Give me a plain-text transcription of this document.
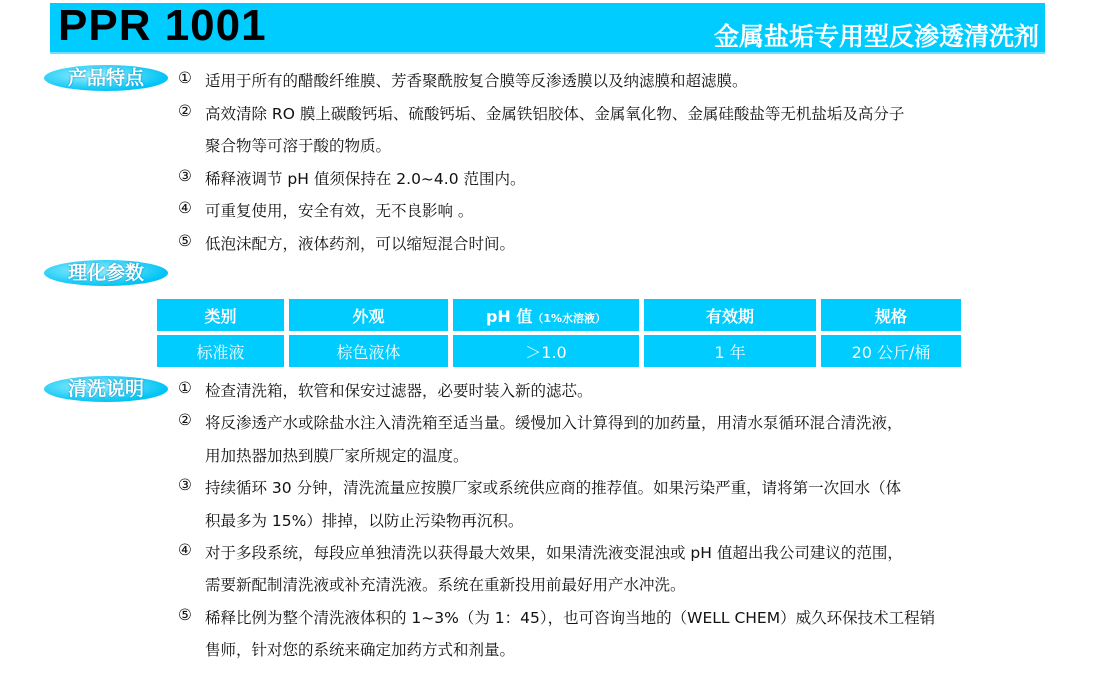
PPR 1001	金属盐垢专用型反渗透清洗剂
产品特点	① 适用于所有的醋酸纤维膜、芳香聚酰胺复合膜等反渗透膜以及纳滤膜和超滤膜。
② 高效清除 RO 膜上碳酸钙垢、硫酸钙垢、金属铁铝胶体、金属氧化物、金属硅酸盐等无机盐垢及高分子
聚合物等可溶于酸的物质。
③ 稀释液调节 pH 值须保持在 2.0~4.0 范围内。
④ 可重复使用，安全有效，无不良影响 。
⑤ 低泡沫配方，液体药剂，可以缩短混合时间。
理化参数
类别	外观	pH 值（1%水溶液）	有效期	规格
标准液	棕色液体	＞1.0	1 年	20 公斤/桶
清洗说明	① 检查清洗箱，软管和保安过滤器，必要时装入新的滤芯。
② 将反渗透产水或除盐水注入清洗箱至适当量。缓慢加入计算得到的加药量，用清水泵循环混合清洗液，
用加热器加热到膜厂家所规定的温度。
③ 持续循环 30 分钟，清洗流量应按膜厂家或系统供应商的推荐值。如果污染严重，请将第一次回水（体
积最多为 15%）排掉，以防止污染物再沉积。
④ 对于多段系统，每段应单独清洗以获得最大效果，如果清洗液变混浊或 pH 值超出我公司建议的范围，
需要新配制清洗液或补充清洗液。系统在重新投用前最好用产水冲洗。
⑤ 稀释比例为整个清洗液体积的 1~3%（为 1：45），也可咨询当地的（WELL CHEM）威久环保技术工程销
售师，针对您的系统来确定加药方式和剂量。
